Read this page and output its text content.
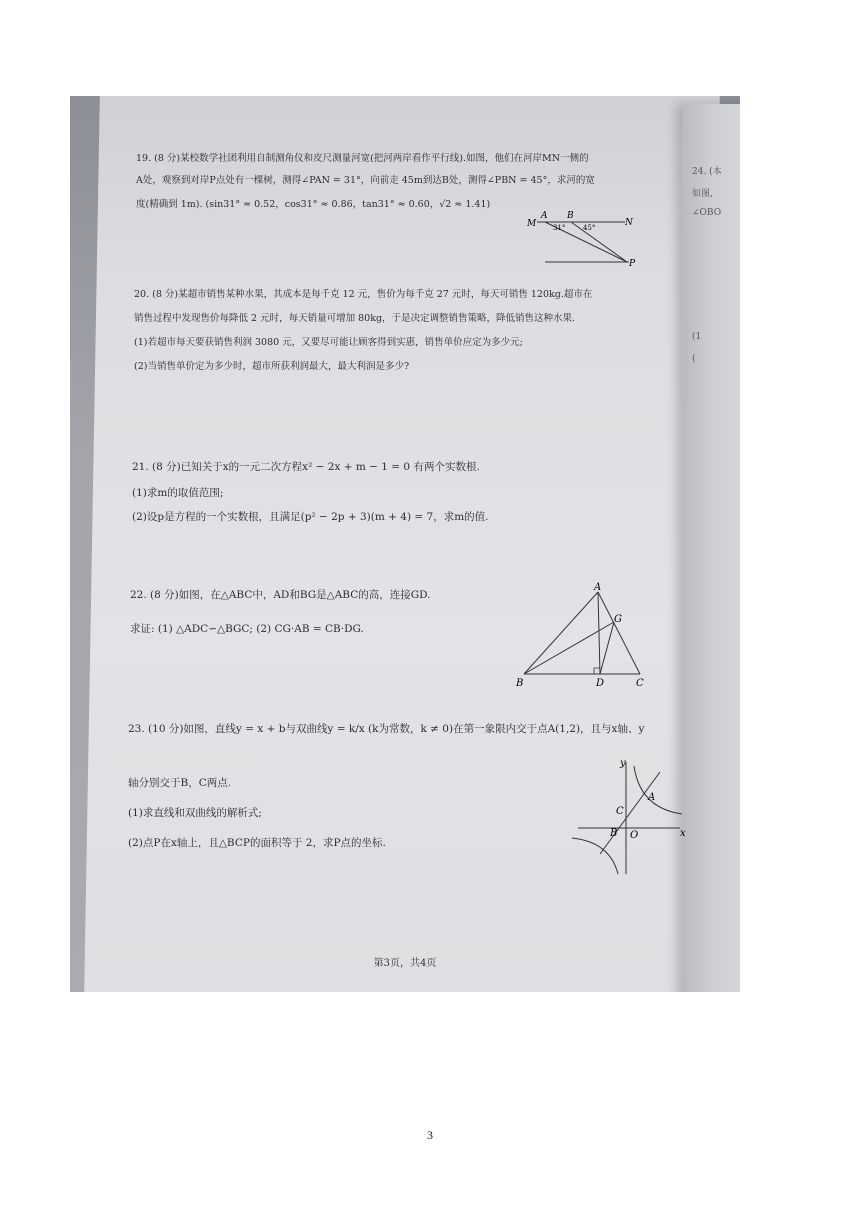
24. (本
如图,
∠OBO
(1
(
19. (8 分)某校数学社团利用自制测角仪和皮尺测量河宽(把河两岸看作平行线).如图，他们在河岸MN一侧的
A处，观察到对岸P点处有一棵树，测得∠PAN = 31°，向前走 45m到达B处，测得∠PBN = 45°，求河的宽
度(精确到 1m). (sin31° ≈ 0.52，cos31° ≈ 0.86，tan31° ≈ 0.60，√2 ≈ 1.41)
M
A B
N
P
31°	45°
20. (8 分)某超市销售某种水果，其成本是每千克 12 元，售价为每千克 27 元时，每天可销售 120kg.超市在
销售过程中发现售价每降低 2 元时，每天销量可增加 80kg，于是决定调整销售策略，降低销售这种水果.
(1)若超市每天要获销售利润 3080 元，又要尽可能让顾客得到实惠，销售单价应定为多少元;
(2)当销售单价定为多少时，超市所获利润最大，最大利润是多少?
21. (8 分)已知关于x的一元二次方程x² − 2x + m − 1 = 0 有两个实数根.
(1)求m的取值范围;
(2)设p是方程的一个实数根，且满足(p² − 2p + 3)(m + 4) = 7，求m的值.
22. (8 分)如图，在△ABC中，AD和BG是△ABC的高，连接GD.
求证: (1) △ADC∽△BGC; (2) CG·AB = CB·DG.
A
B	C
D
G
23. (10 分)如图，直线y = x + b与双曲线y = k/x (k为常数，k ≠ 0)在第一象限内交于点A(1,2)，且与x轴、y
轴分别交于B，C两点.
(1)求直线和双曲线的解析式;
(2)点P在x轴上，且△BCP的面积等于 2，求P点的坐标.
y
x
A
B
C
O
第3页，共4页
3
